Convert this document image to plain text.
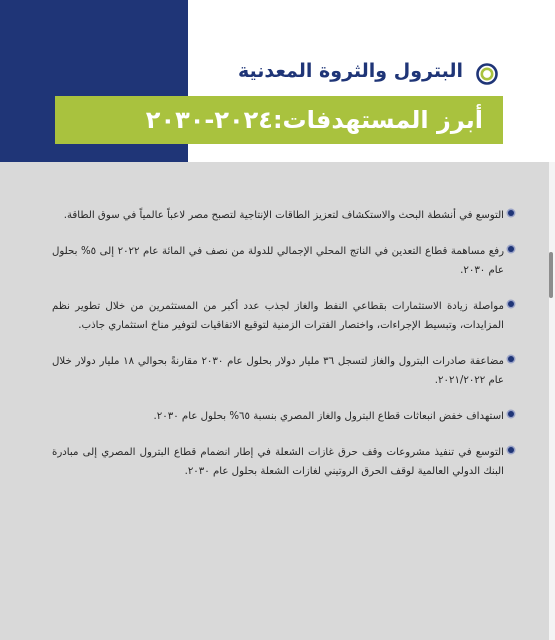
البترول والثروة المعدنية
أبرز المستهدفات:٢٠٢٤-٢٠٣٠
التوسع في أنشطة البحث والاستكشاف لتعزيز الطاقات الإنتاجية لتصبح مصر لاعباً عالمياً في سوق الطاقة.
رفع مساهمة قطاع التعدين في الناتج المحلي الإجمالي للدولة من نصف في المائة عام ٢٠٢٢ إلى ٥% بحلول عام ٢٠٣٠.
مواصلة زيادة الاستثمارات بقطاعي النفط والغاز لجذب عدد أكبر من المستثمرين من خلال تطوير نظم المزايدات، وتبسيط الإجراءات، واختصار الفترات الزمنية لتوقيع الاتفاقيات لتوفير مناخ استثماري جاذب.
مضاعفة صادرات البترول والغاز لتسجل ٣٦ مليار دولار بحلول عام ٢٠٣٠ مقارنةً بحوالي ١٨ مليار دولار خلال عام ٢٠٢١/٢٠٢٢.
استهداف خفض انبعاثات قطاع البترول والغاز المصري بنسبة ٦٥% بحلول عام ٢٠٣٠.
التوسع في تنفيذ مشروعات وقف حرق غازات الشعلة في إطار انضمام قطاع البترول المصري إلى مبادرة البنك الدولي العالمية لوقف الحرق الروتيني لغازات الشعلة بحلول عام ٢٠٣٠.
